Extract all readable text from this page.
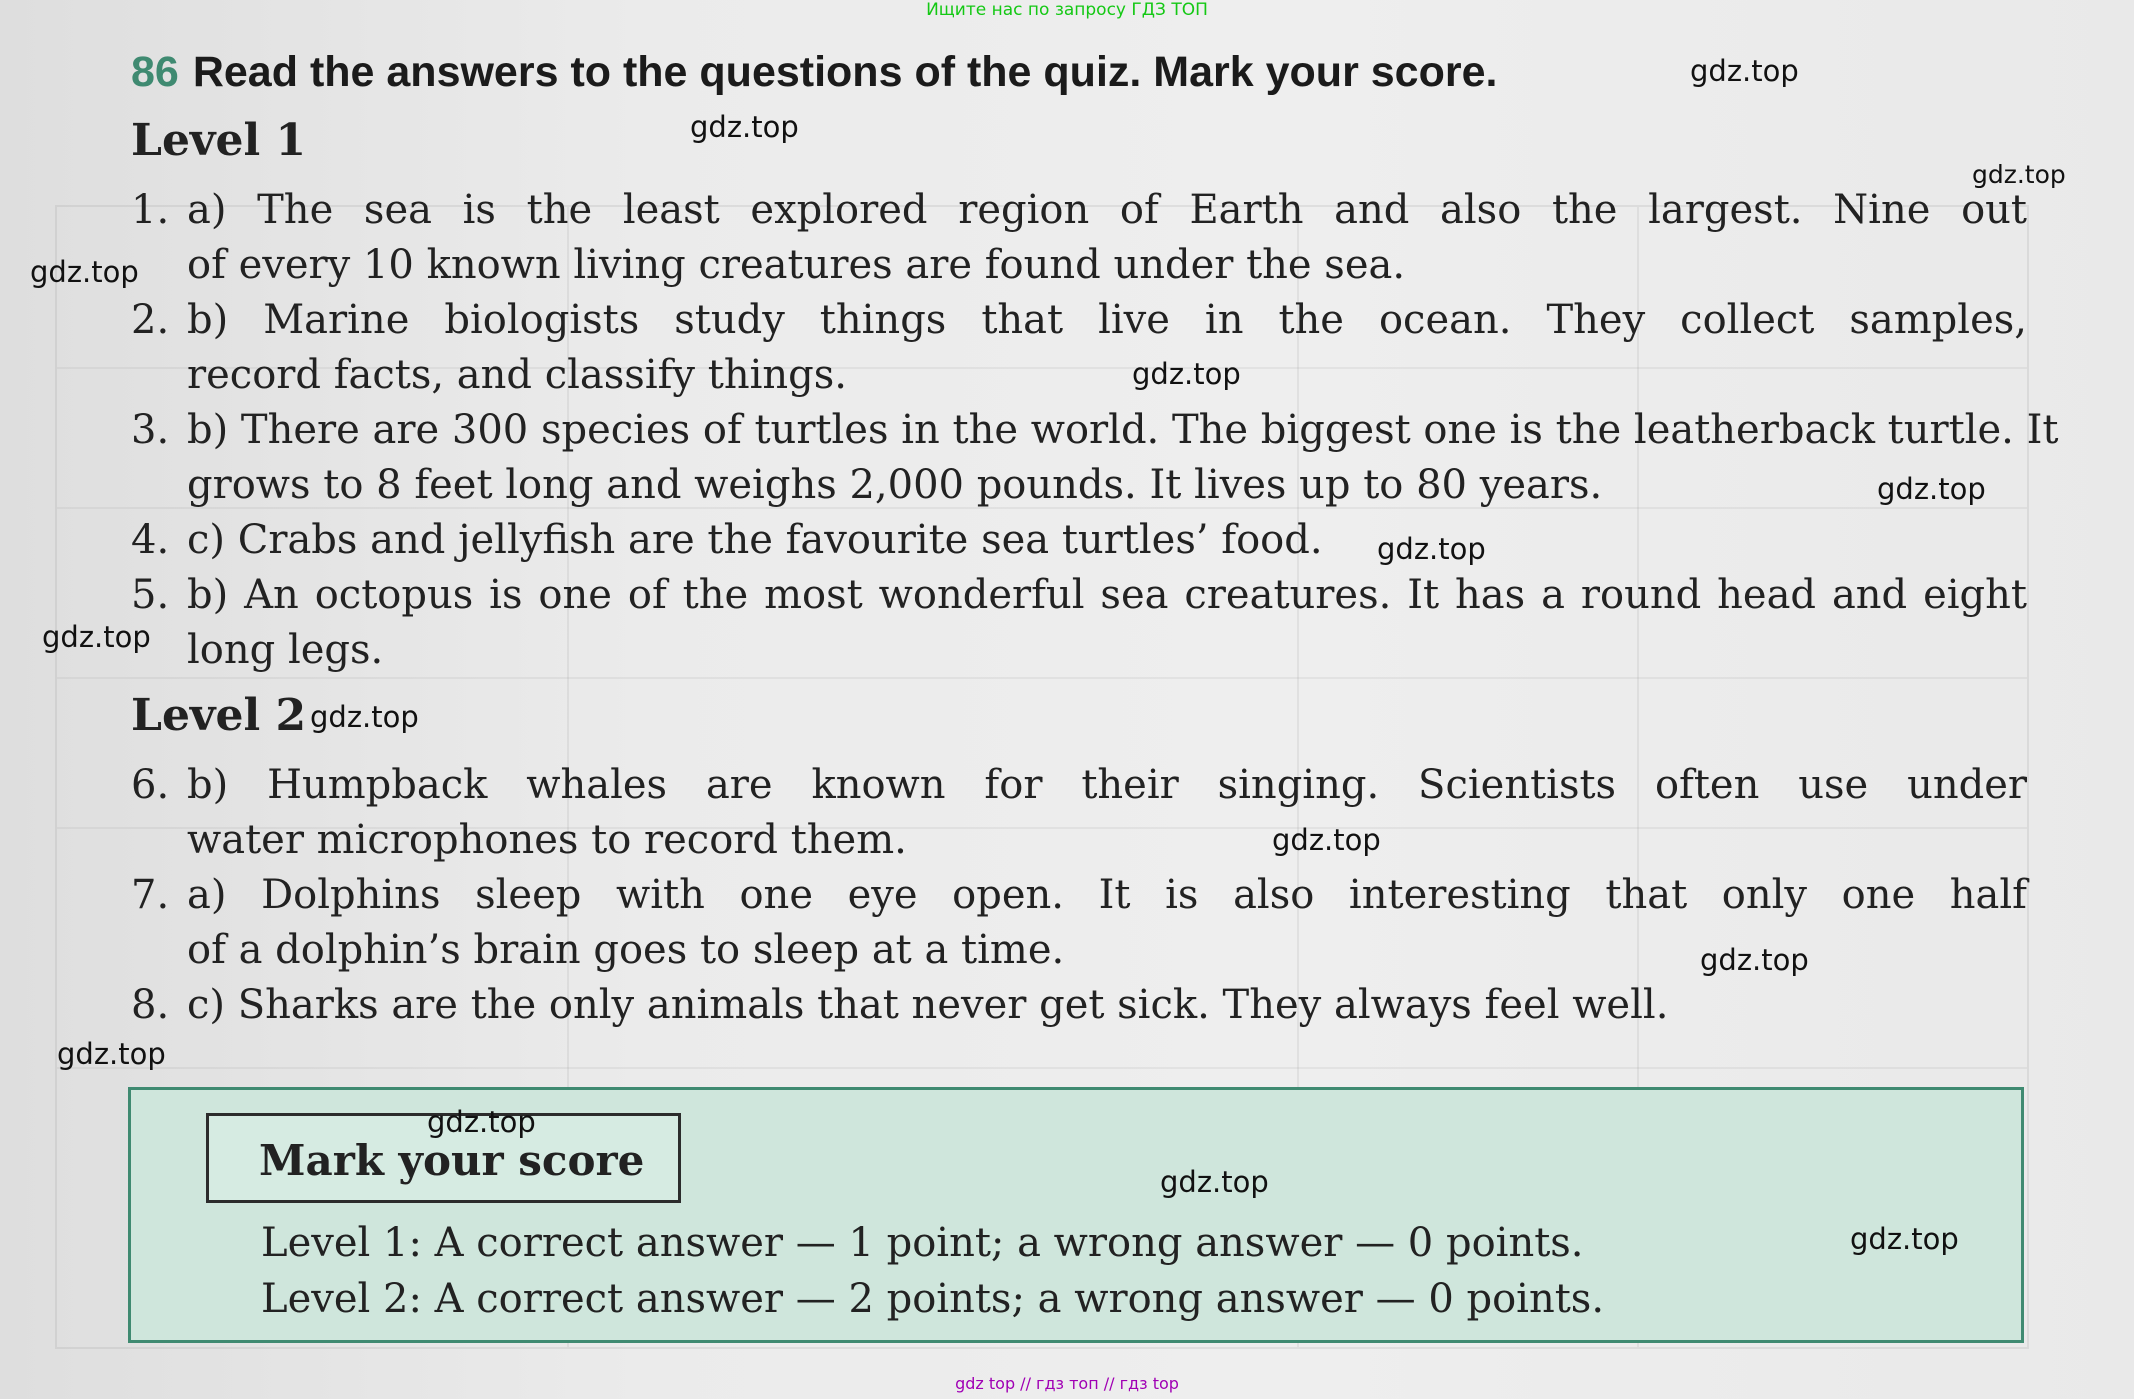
Ищите нас по запросу ГДЗ ТОП
86 Read the answers to the questions of the quiz. Mark your score.
Level 1
1. a) The sea is the least explored region of Earth and also the largest. Nine out
of every 10 known living creatures are found under the sea.
2. b) Marine biologists study things that live in the ocean. They collect samples,
record facts, and classify things.
3. b) There are 300 species of turtles in the world. The biggest one is the leatherback turtle. It
grows to 8 feet long and weighs 2,000 pounds. It lives up to 80 years.
4. c) Crabs and jellyfish are the favourite sea turtles’ food.
5. b) An octopus is one of the most wonderful sea creatures. It has a round head and eight
long legs.
Level 2
6. b) Humpback whales are known for their singing. Scientists often use under
water microphones to record them.
7. a) Dolphins sleep with one eye open. It is also interesting that only one half
of a dolphin’s brain goes to sleep at a time.
8. c) Sharks are the only animals that never get sick. They always feel well.
Mark your score
Level 1: A correct answer — 1 point; a wrong answer — 0 points.
Level 2: A correct answer — 2 points; a wrong answer — 0 points.
gdz.top
gdz.top
gdz.top
gdz.top
gdz.top
gdz.top
gdz.top
gdz.top
gdz.top
gdz.top
gdz.top
gdz.top
gdz.top
gdz.top
gdz.top
gdz top // гдз топ // гдз top
